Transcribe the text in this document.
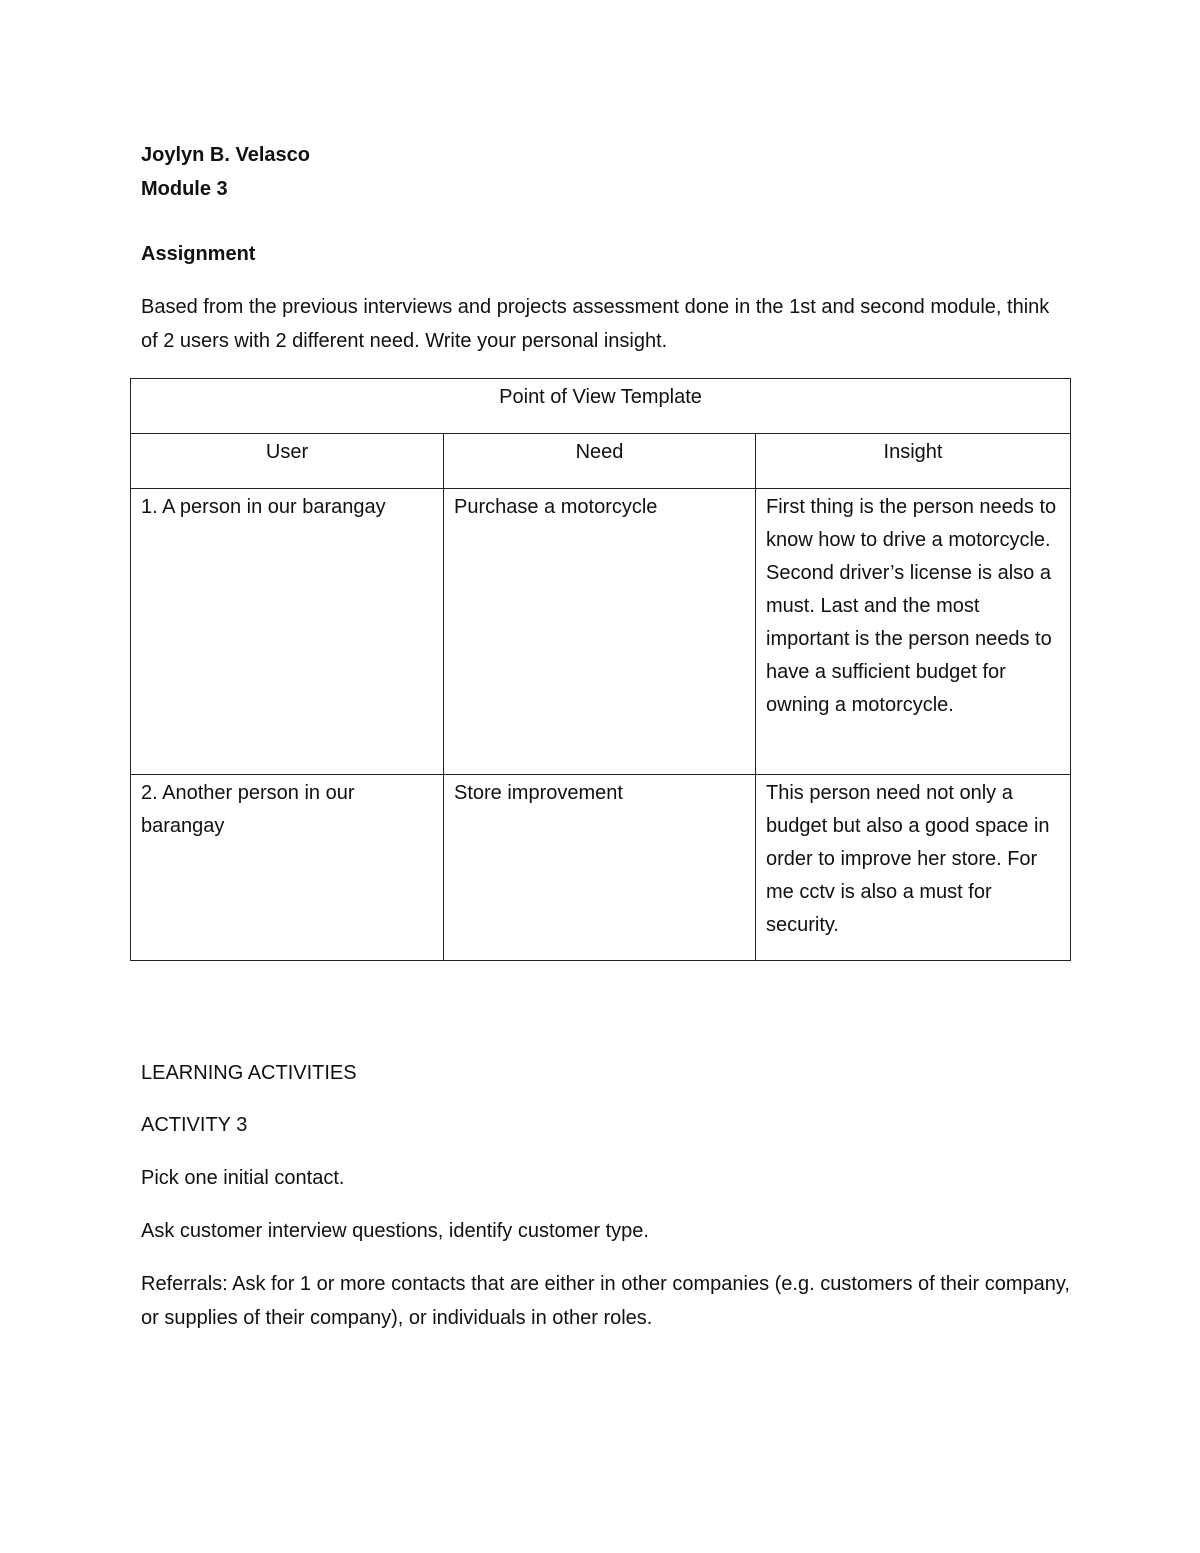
Joylyn B. Velasco
Module 3
Assignment
Based from the previous interviews and projects assessment done in the 1st and second module, think of 2 users with 2 different need. Write your personal insight.
Point of View Template		
User	Need	Insight
1. A person in our barangay	Purchase a motorcycle	First thing is the person needs to know how to drive a motorcycle. Second driver’s license is also a must. Last and the most important is the person needs to have a sufficient budget for owning a motorcycle.
2. Another person in our barangay	Store improvement	This person need not only a budget but also a good space in order to improve her store. For me cctv is also a must for security.
LEARNING ACTIVITIES
ACTIVITY 3
Pick one initial contact.
Ask customer interview questions, identify customer type.
Referrals: Ask for 1 or more contacts that are either in other companies (e.g. customers of their company, or supplies of their company), or individuals in other roles.
